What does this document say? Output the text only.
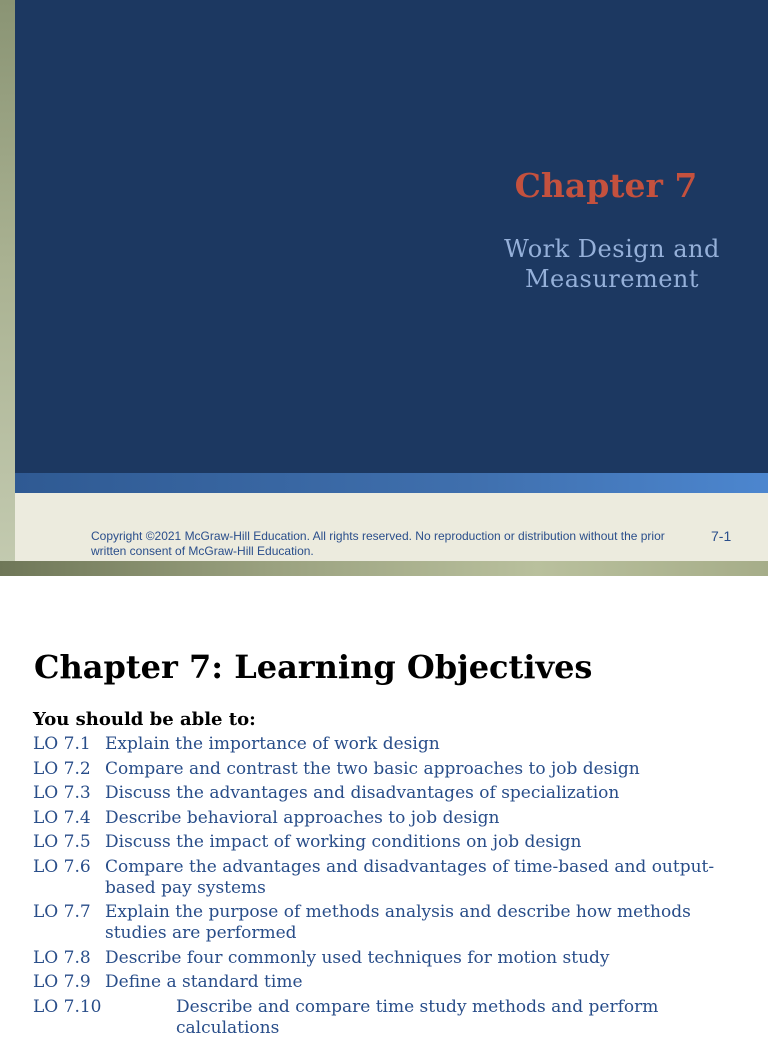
Chapter 7
Work Design and
Measurement
Copyright ©2021 McGraw-Hill Education. All rights reserved. No reproduction or distribution without the prior
written consent of McGraw-Hill Education.
7-1
Chapter 7: Learning Objectives
You should be able to:
LO 7.1 Explain the importance of work design
LO 7.2 Compare and contrast the two basic approaches to job design
LO 7.3 Discuss the advantages and disadvantages of specialization
LO 7.4 Describe behavioral approaches to job design
LO 7.5 Discuss the impact of working conditions on job design
LO 7.6 Compare the advantages and disadvantages of time-based and output-based pay systems
LO 7.7 Explain the purpose of methods analysis and describe how methods studies are performed
LO 7.8 Describe four commonly used techniques for motion study
LO 7.9 Define a standard time
LO 7.10	Describe and compare time study methods and perform calculations
